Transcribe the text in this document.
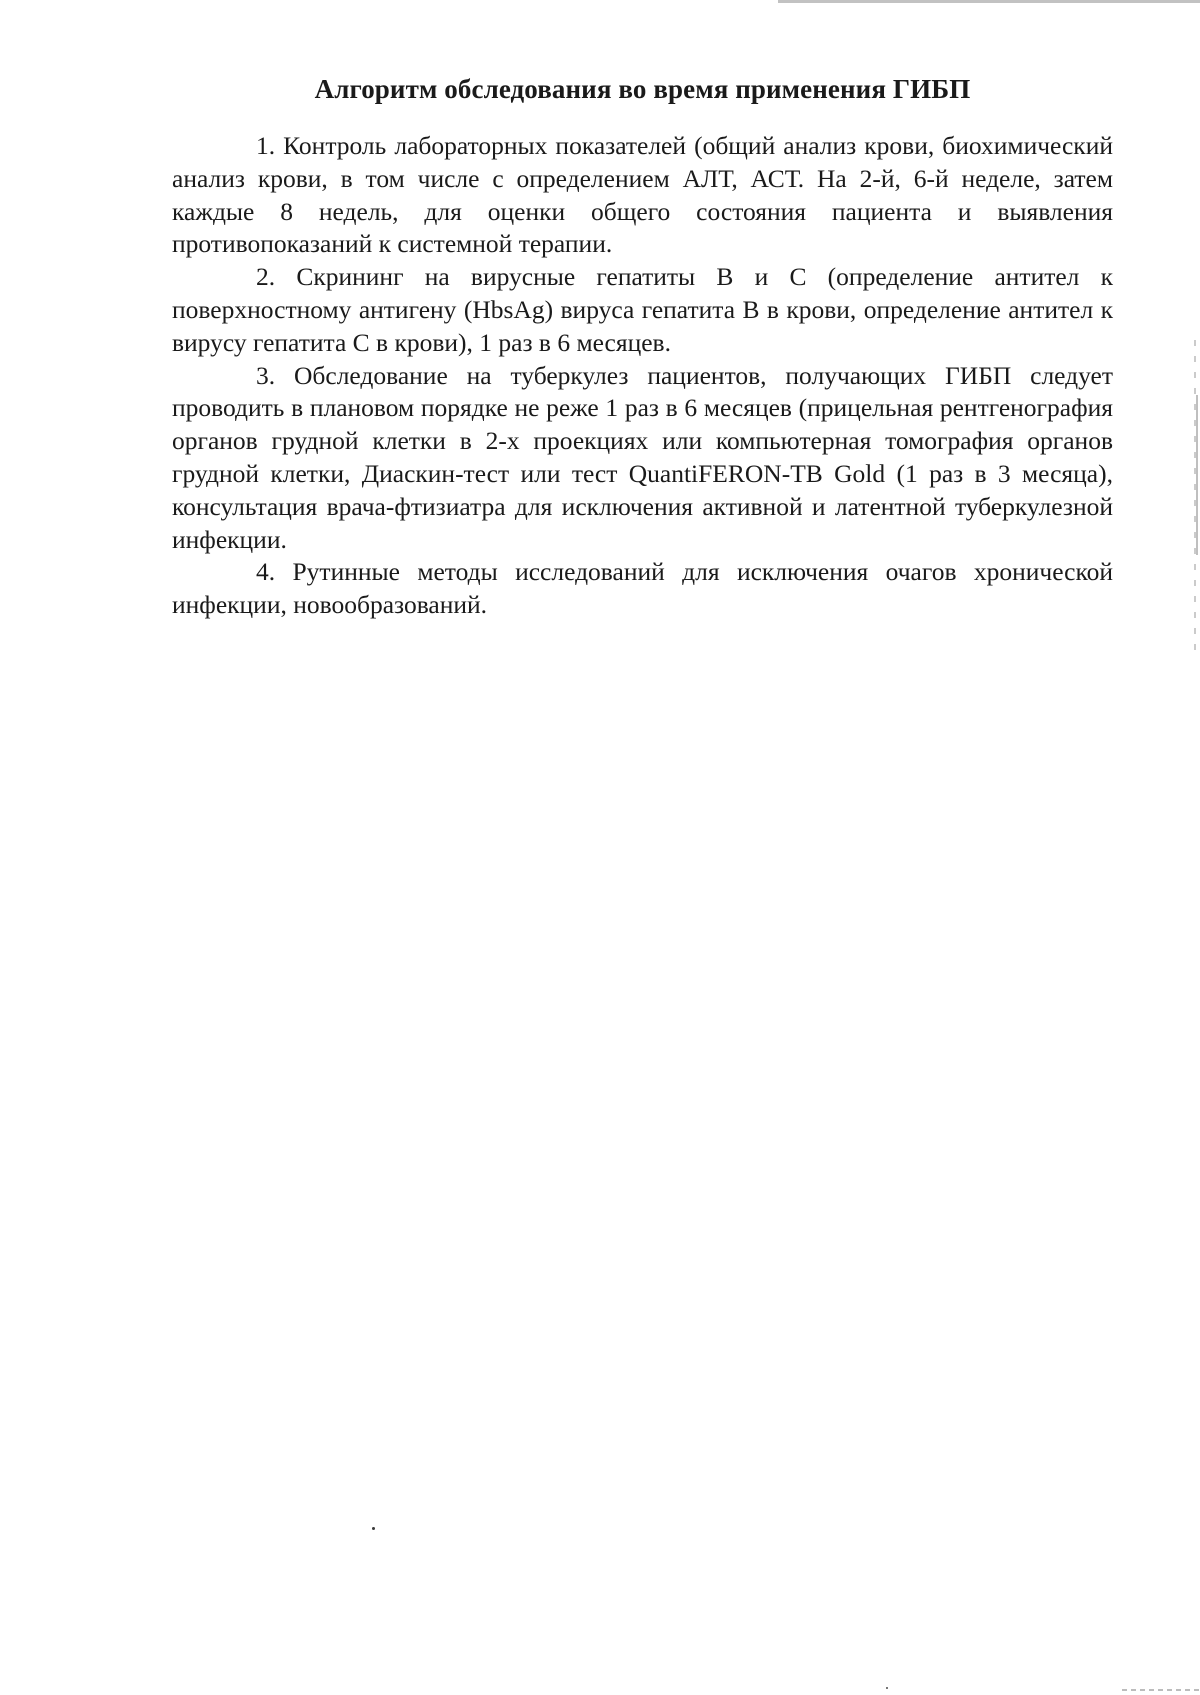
Алгоритм обследования во время применения ГИБП
1. Контроль лабораторных показателей (общий анализ крови, биохимический анализ крови, в том числе с определением АЛТ, АСТ. На 2-й, 6-й неделе, затем каждые 8 недель, для оценки общего состояния пациента и выявления противопоказаний к системной терапии.
2. Скрининг на вирусные гепатиты В и С (определение антител к поверхностному антигену (HbsAg) вируса гепатита В в крови, определение антител к вирусу гепатита С в крови), 1 раз в 6 месяцев.
3. Обследование на туберкулез пациентов, получающих ГИБП следует проводить в плановом порядке не реже 1 раз в 6 месяцев (прицельная рентгенография органов грудной клетки в 2-х проекциях или компьютерная томография органов грудной клетки, Диаскин-тест или тест QuantiFERON-TB Gold (1 раз в 3 месяца), консультация врача-фтизиатра для исключения активной и латентной туберкулезной инфекции.
4. Рутинные методы исследований для исключения очагов хронической инфекции, новообразований.
